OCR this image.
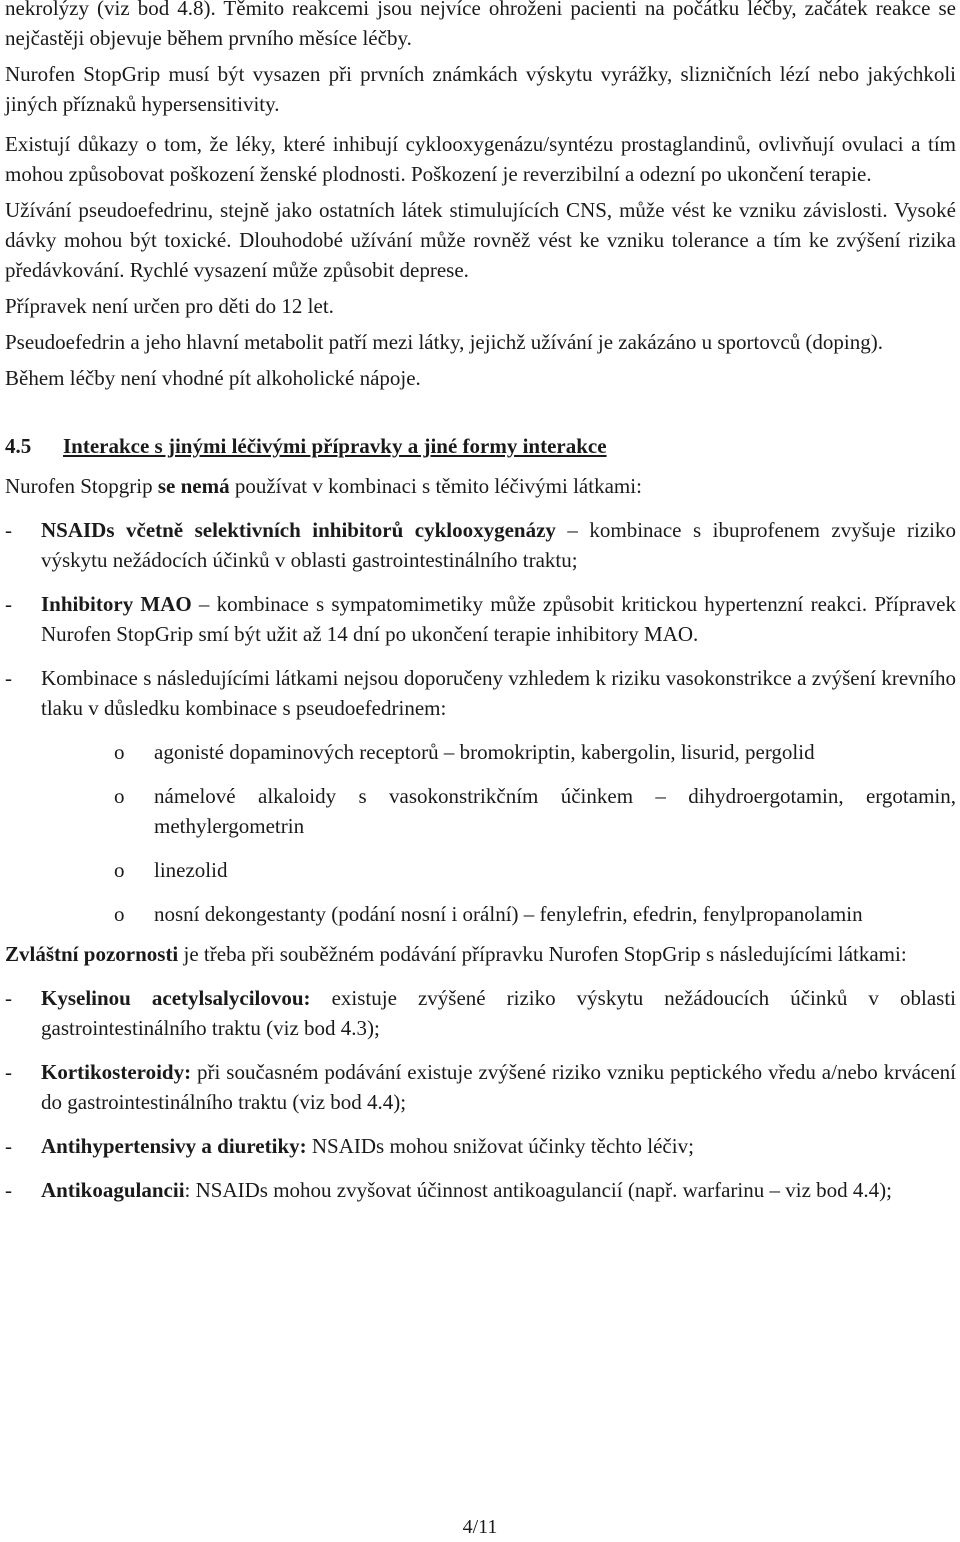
nekrolýzy (viz bod 4.8). Těmito reakcemi jsou nejvíce ohroženi pacienti na počátku léčby, začátek reakce se nejčastěji objevuje během prvního měsíce léčby.

Nurofen StopGrip musí být vysazen při prvních známkách výskytu vyrážky, slizničních lézí nebo jakýchkoli jiných příznaků hypersensitivity.

Existují důkazy o tom, že léky, které inhibují cyklooxygenázu/syntézu prostaglandinů, ovlivňují ovulaci a tím mohou způsobovat poškození ženské plodnosti. Poškození je reverzibilní a odezní po ukončení terapie.

Užívání pseudoefedrinu, stejně jako ostatních látek stimulujících CNS, může vést ke vzniku závislosti. Vysoké dávky mohou být toxické. Dlouhodobé užívání může rovněž vést ke vzniku tolerance a tím ke zvýšení rizika předávkování. Rychlé vysazení může způsobit deprese.

Přípravek není určen pro děti do 12 let.

Pseudoefedrin a jeho hlavní metabolit patří mezi látky, jejichž užívání je zakázáno u sportovců (doping).

Během léčby není vhodné pít alkoholické nápoje.

4.5 Interakce s jinými léčivými přípravky a jiné formy interakce

Nurofen Stopgrip se nemá používat v kombinaci s těmito léčivými látkami:

- NSAIDs včetně selektivních inhibitorů cyklooxygenázy – kombinace s ibuprofenem zvyšuje riziko výskytu nežádocích účinků v oblasti gastrointestinálního traktu;
- Inhibitory MAO – kombinace s sympatomimetiky může způsobit kritickou hypertenzní reakci. Přípravek Nurofen StopGrip smí být užit až 14 dní po ukončení terapie inhibitory MAO.
- Kombinace s následujícími látkami nejsou doporučeny vzhledem k riziku vasokonstrikce a zvýšení krevního tlaku v důsledku kombinace s pseudoefedrinem:
o agonisté dopaminových receptorů – bromokriptin, kabergolin, lisurid, pergolid
o námelové alkaloidy s vasokonstrikčním účinkem – dihydroergotamin, ergotamin, methylergometrin
o linezolid
o nosní dekongestanty (podání nosní i orální) – fenylefrin, efedrin, fenylpropanolamin

Zvláštní pozornosti je třeba při souběžném podávání přípravku Nurofen StopGrip s následujícími látkami:

- Kyselinou acetylsalycilovou: existuje zvýšené riziko výskytu nežádoucích účinků v oblasti gastrointestinálního traktu (viz bod 4.3);
- Kortikosteroidy: při současném podávání existuje zvýšené riziko vzniku peptického vředu a/nebo krvácení do gastrointestinálního traktu (viz bod 4.4);
- Antihypertensivy a diuretiky: NSAIDs mohou snižovat účinky těchto léčiv;
- Antikoagulancii: NSAIDs mohou zvyšovat účinnost antikoagulancií (např. warfarinu – viz bod 4.4);
4/11
